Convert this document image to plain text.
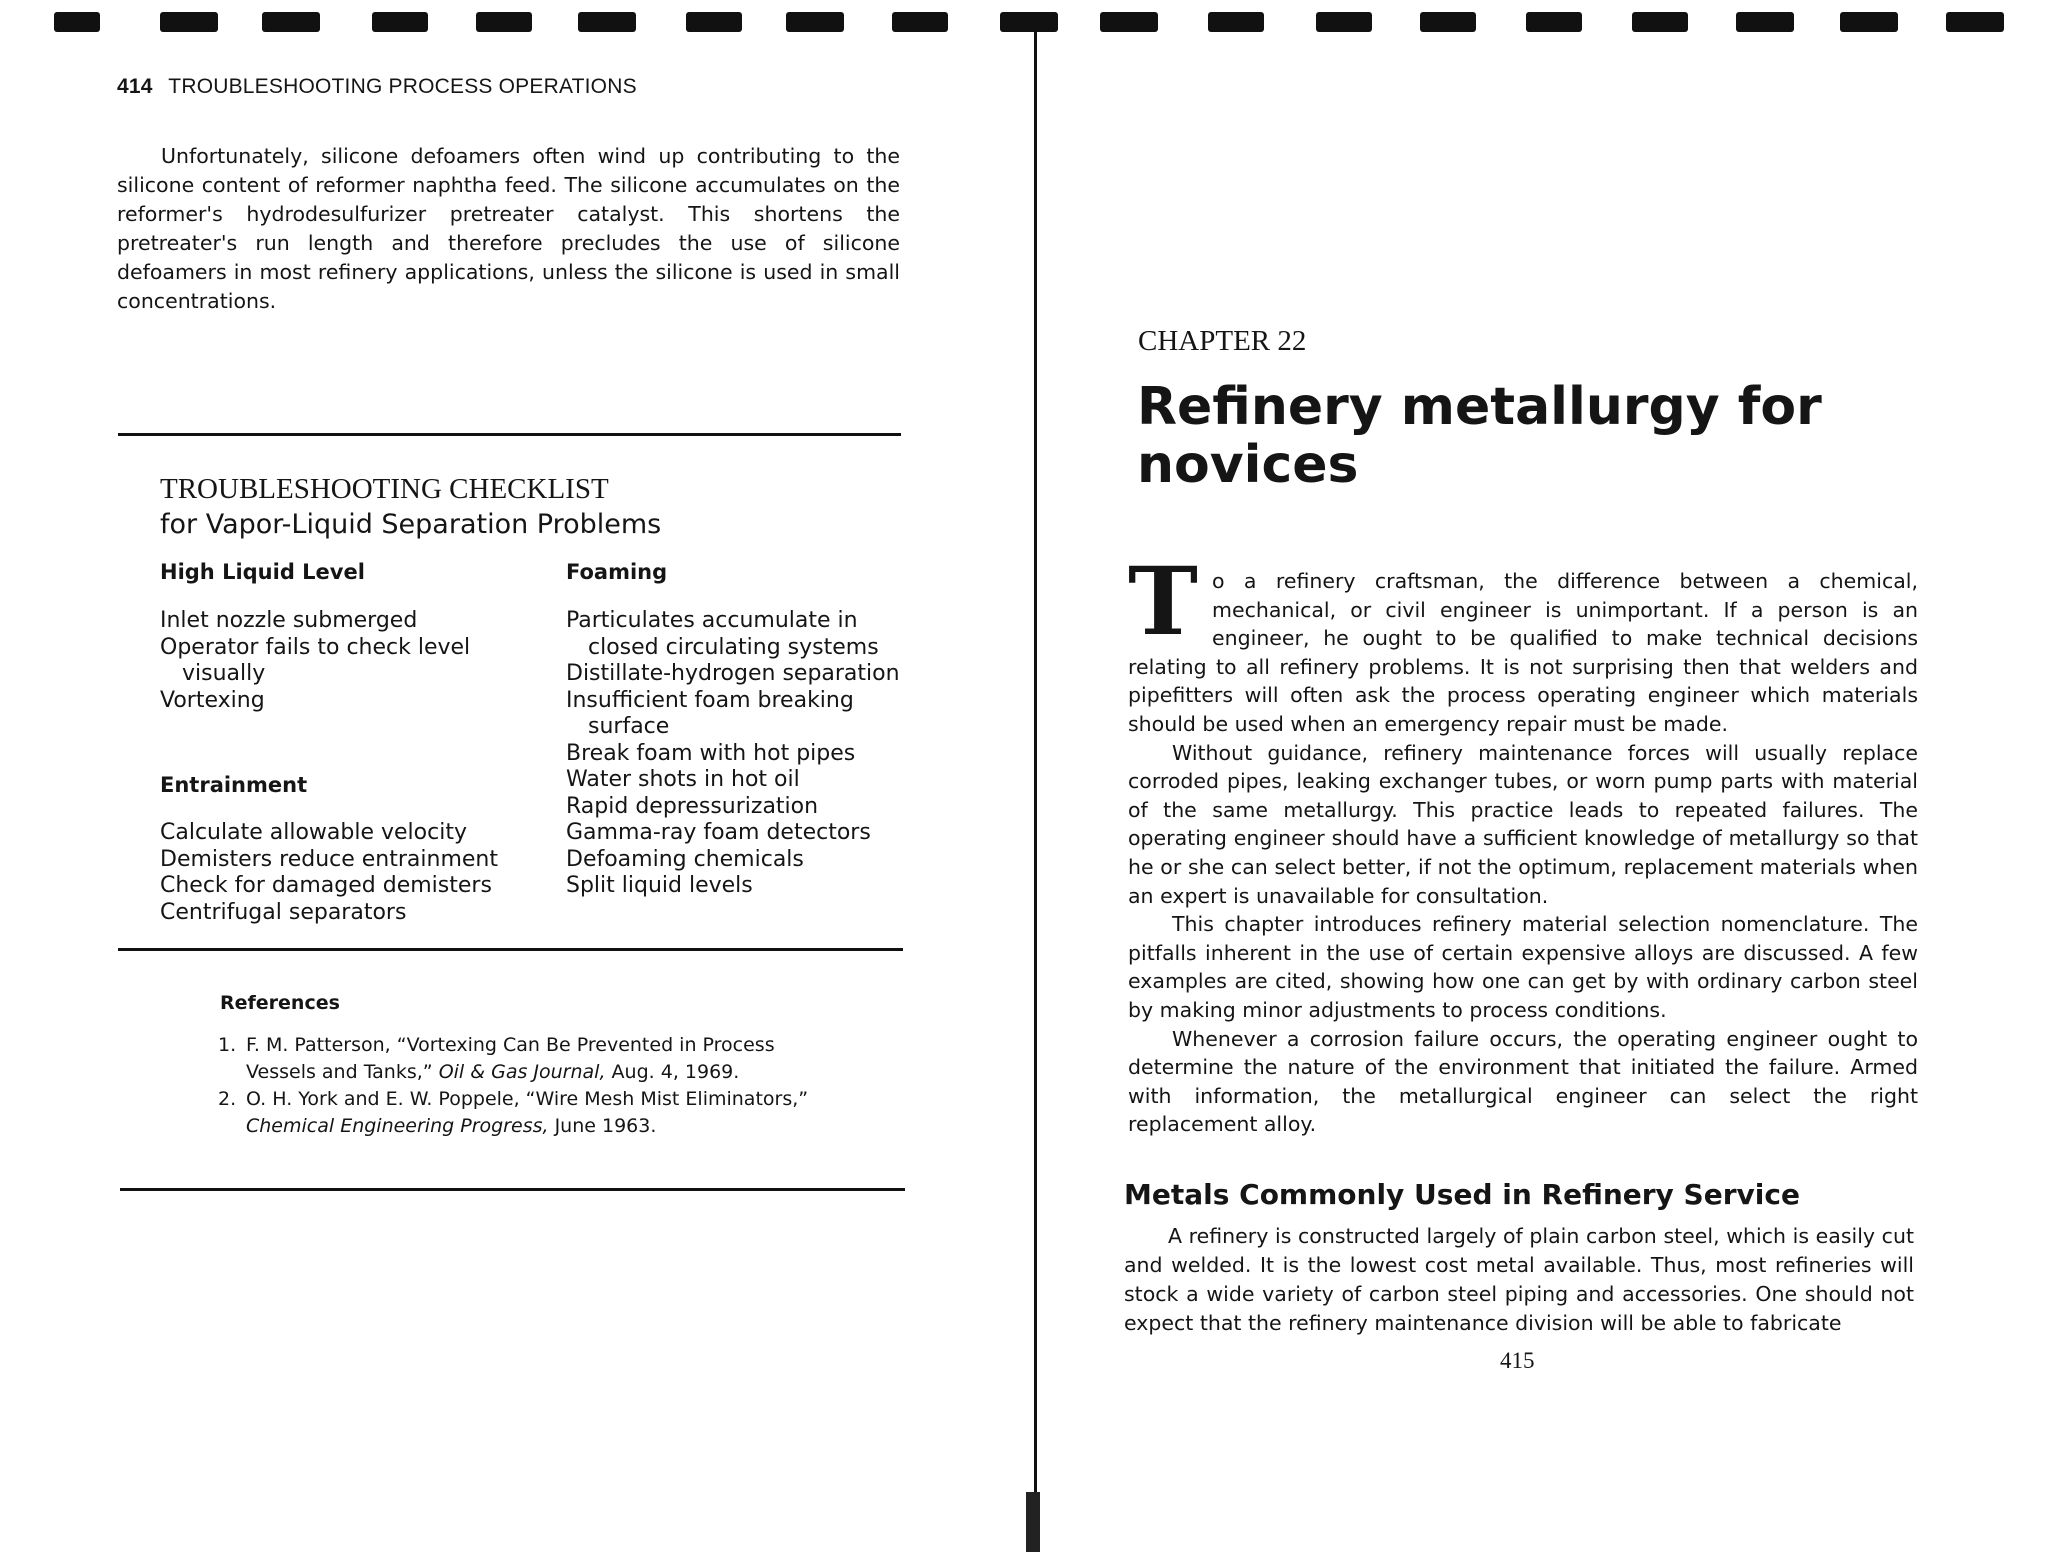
414 TROUBLESHOOTING PROCESS OPERATIONS

Unfortunately, silicone defoamers often wind up contributing to the silicone content of reformer naphtha feed. The silicone accumulates on the reformer's hydrodesulfurizer pretreater catalyst. This shortens the pretreater's run length and therefore precludes the use of silicone defoamers in most refinery applications, unless the silicone is used in small concentrations.

TROUBLESHOOTING CHECKLIST
for Vapor-Liquid Separation Problems
High Liquid Level
Inlet nozzle submerged
Operator fails to check level visually
Vortexing
Entrainment
Calculate allowable velocity
Demisters reduce entrainment
Check for damaged demisters
Centrifugal separators
Foaming
Particulates accumulate in closed circulating systems
Distillate-hydrogen separation
Insufficient foam breaking surface
Break foam with hot pipes
Water shots in hot oil
Rapid depressurization
Gamma-ray foam detectors
Defoaming chemicals
Split liquid levels
References
1. F. M. Patterson, “Vortexing Can Be Prevented in Process Vessels and Tanks,” Oil & Gas Journal, Aug. 4, 1969.
2. O. H. York and E. W. Poppele, “Wire Mesh Mist Eliminators,” Chemical Engineering Progress, June 1963.
CHAPTER 22
Refinery metallurgy for novices
T o a refinery craftsman, the difference between a chemical, mechanical, or civil engineer is unimportant. If a person is an engineer, he ought to be qualified to make technical decisions relating to all refinery problems. It is not surprising then that welders and pipefitters will often ask the process operating engineer which materials should be used when an emergency repair must be made.

Without guidance, refinery maintenance forces will usually replace corroded pipes, leaking exchanger tubes, or worn pump parts with material of the same metallurgy. This practice leads to repeated failures. The operating engineer should have a sufficient knowledge of metallurgy so that he or she can select better, if not the optimum, replacement materials when an expert is unavailable for consultation.

This chapter introduces refinery material selection nomenclature. The pitfalls inherent in the use of certain expensive alloys are discussed. A few examples are cited, showing how one can get by with ordinary carbon steel by making minor adjustments to process conditions.

Whenever a corrosion failure occurs, the operating engineer ought to determine the nature of the environment that initiated the failure. Armed with information, the metallurgical engineer can select the right replacement alloy.

Metals Commonly Used in Refinery Service

A refinery is constructed largely of plain carbon steel, which is easily cut and welded. It is the lowest cost metal available. Thus, most refineries will stock a wide variety of carbon steel piping and accessories. One should not expect that the refinery maintenance division will be able to fabricate

415
